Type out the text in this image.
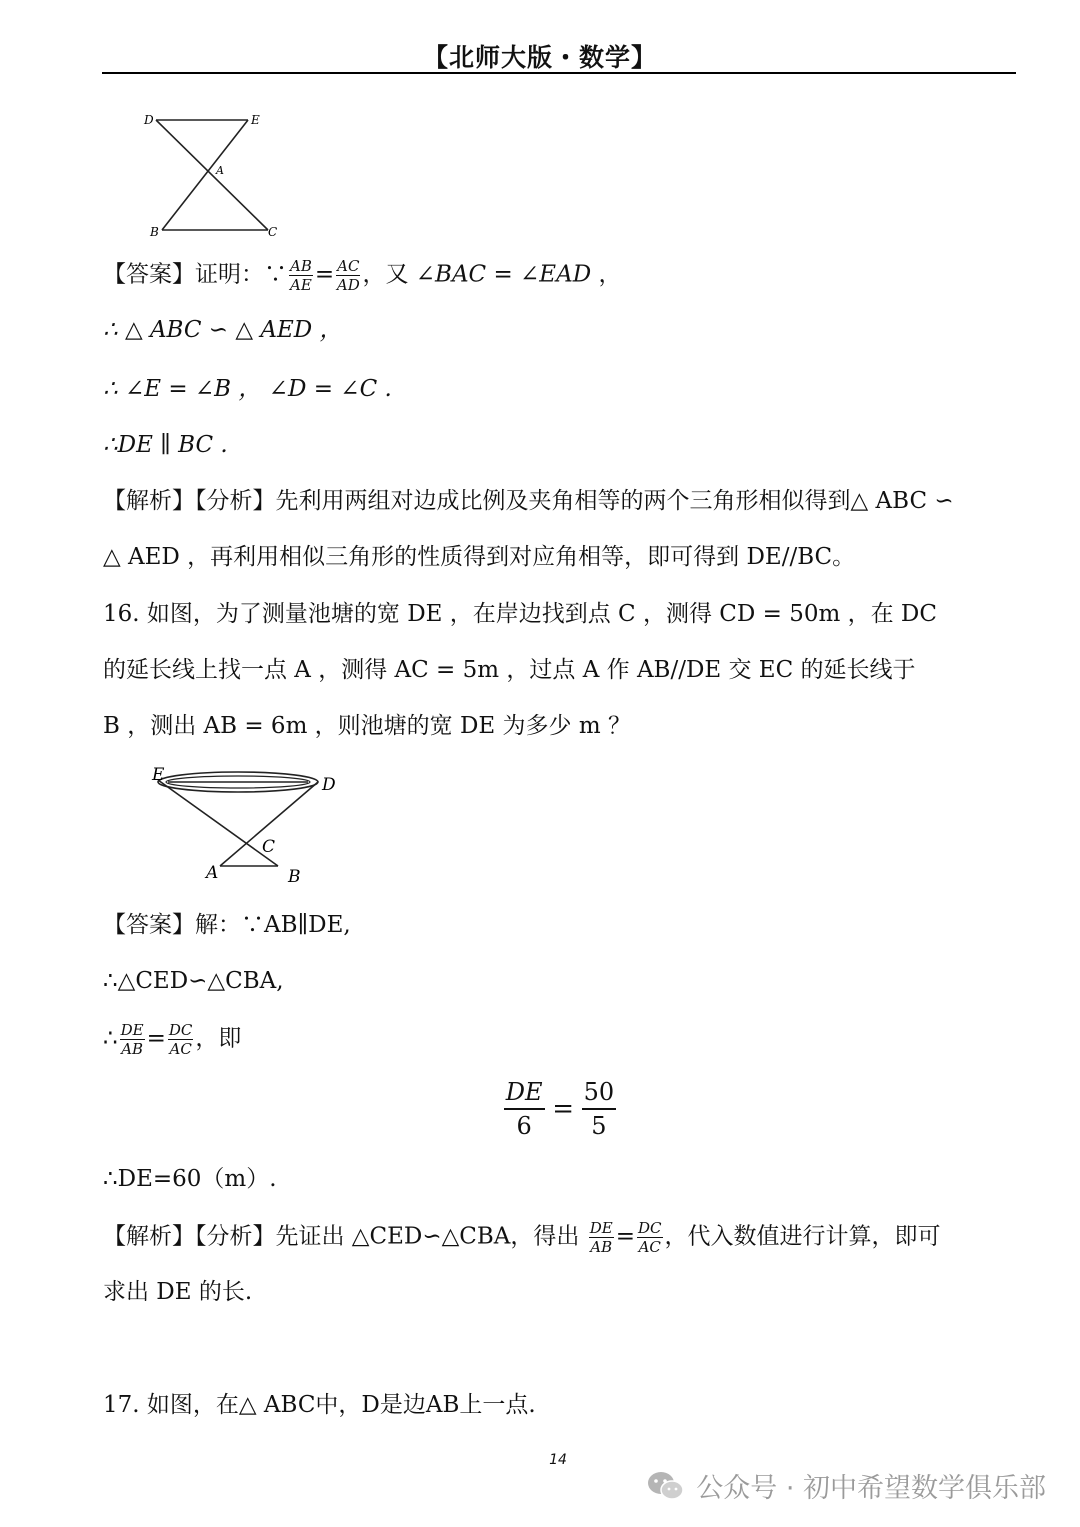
【北师大版・数学】
D	E
A
B	C
【答案】证明：∵ $\frac{AB}{AE} = \frac{AC}{AD}$ ，又 ∠BAC = ∠EAD ，
∴ △ ABC ∽ △ AED ，
∴ ∠E = ∠B ， ∠D = ∠C .
∴DE ∥ BC .
【解析】【分析】先利用两组对边成比例及夹角相等的两个三角形相似得到△ ABC ∽
△ AED ，再利用相似三角形的性质得到对应角相等，即可得到 DE//BC。
16. 如图，为了测量池塘的宽 DE ，在岸边找到点 C ，测得 CD = 50m ，在 DC
的延长线上找一点 A ，测得 AC = 5m ，过点 A 作 AB//DE 交 EC 的延长线于
B ，测出 AB = 6m ，则池塘的宽 DE 为多少 m ？
E	D
C
A	B
【答案】解：∵AB∥DE,
∴△CED∽△CBA,
∴ $\frac{DE}{AB} = \frac{DC}{AC}$ ，即
$\frac{DE}{6} = \frac{50}{5}$
∴DE=60（m）.
【解析】【分析】先证出 △CED∽△CBA，得出 $\frac{DE}{AB} = \frac{DC}{AC}$ ，代入数值进行计算，即可
求出 DE 的长.
17. 如图，在△ ABC中，D是边AB上一点.
14
公众号 · 初中希望数学俱乐部
